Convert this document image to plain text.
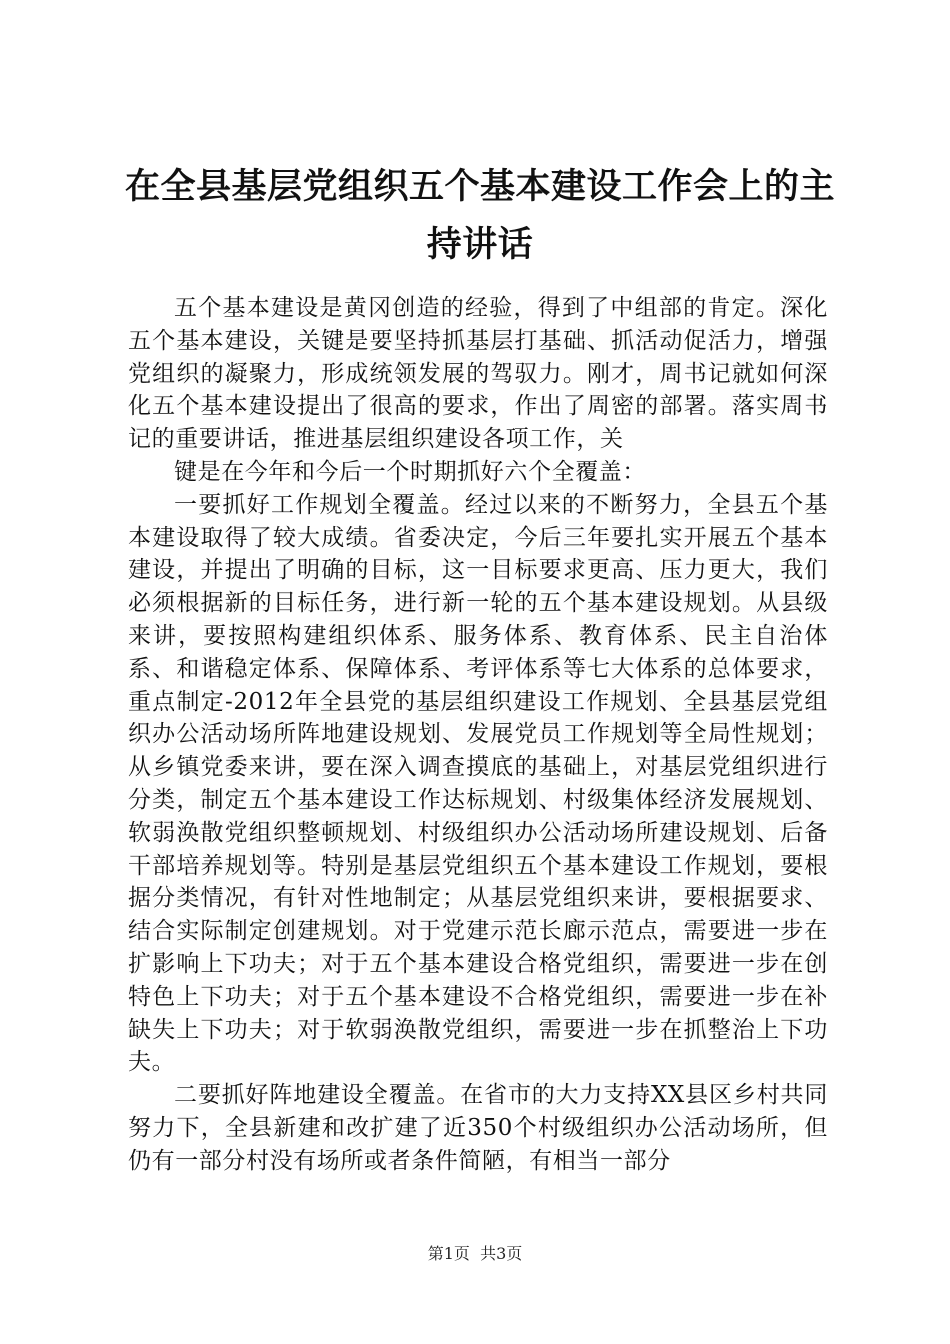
在全县基层党组织五个基本建设工作会上的主持讲话

五个基本建设是黄冈创造的经验，得到了中组部的肯定。深化五个基本建设，关键是要坚持抓基层打基础、抓活动促活力，增强党组织的凝聚力，形成统领发展的驾驭力。刚才，周书记就如何深化五个基本建设提出了很高的要求，作出了周密的部署。落实周书记的重要讲话，推进基层组织建设各项工作，关

键是在今年和今后一个时期抓好六个全覆盖：

一要抓好工作规划全覆盖。经过以来的不断努力，全县五个基本建设取得了较大成绩。省委决定，今后三年要扎实开展五个基本建设，并提出了明确的目标，这一目标要求更高、压力更大，我们必须根据新的目标任务，进行新一轮的五个基本建设规划。从县级来讲，要按照构建组织体系、服务体系、教育体系、民主自治体系、和谐稳定体系、保障体系、考评体系等七大体系的总体要求，重点制定-2012年全县党的基层组织建设工作规划、全县基层党组织办公活动场所阵地建设规划、发展党员工作规划等全局性规划；从乡镇党委来讲，要在深入调查摸底的基础上，对基层党组织进行分类，制定五个基本建设工作达标规划、村级集体经济发展规划、软弱涣散党组织整顿规划、村级组织办公活动场所建设规划、后备干部培养规划等。特别是基层党组织五个基本建设工作规划，要根据分类情况，有针对性地制定；从基层党组织来讲，要根据要求、结合实际制定创建规划。对于党建示范长廊示范点，需要进一步在扩影响上下功夫；对于五个基本建设合格党组织，需要进一步在创特色上下功夫；对于五个基本建设不合格党组织，需要进一步在补缺失上下功夫；对于软弱涣散党组织，需要进一步在抓整治上下功夫。

二要抓好阵地建设全覆盖。在省市的大力支持XX县区乡村共同努力下，全县新建和改扩建了近350个村级组织办公活动场所，但仍有一部分村没有场所或者条件简陋，有相当一部分

第1页 共3页
